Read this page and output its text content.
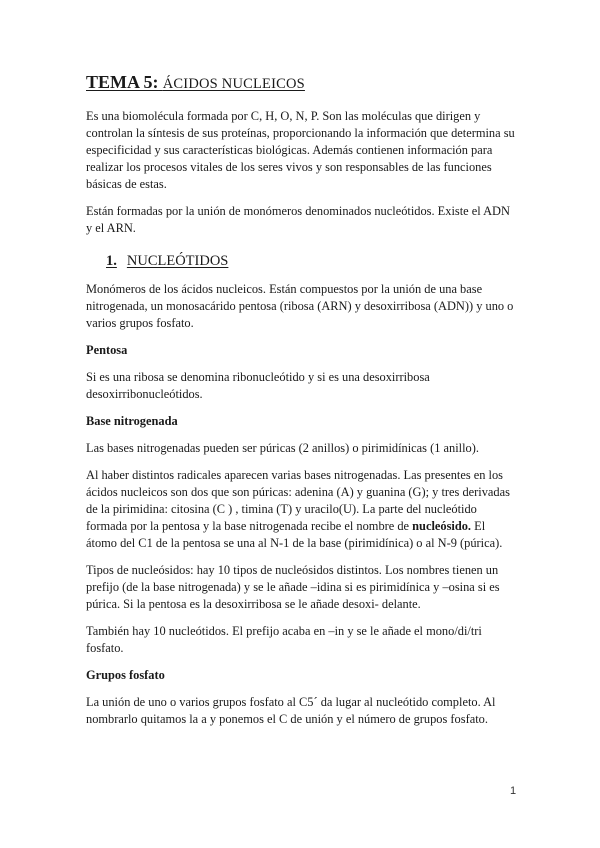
TEMA 5: ÁCIDOS NUCLEICOS

Es una biomolécula formada por C, H, O, N, P. Son las moléculas que dirigen y controlan la síntesis de sus proteínas, proporcionando la información que determina su especificidad y sus características biológicas. Además contienen información para realizar los procesos vitales de los seres vivos y son responsables de las funciones básicas de estas.

Están formadas por la unión de monómeros denominados nucleótidos. Existe el ADN y el ARN.

1. NUCLEÓTIDOS

Monómeros de los ácidos nucleicos. Están compuestos por la unión de una base nitrogenada, un monosacárido pentosa (ribosa (ARN) y desoxirribosa (ADN)) y uno o varios grupos fosfato.

Pentosa

Si es una ribosa se denomina ribonucleótido y si es una desoxirribosa desoxirribonucleótidos.

Base nitrogenada

Las bases nitrogenadas pueden ser púricas (2 anillos) o pirimidínicas (1 anillo).

Al haber distintos radicales aparecen varias bases nitrogenadas. Las presentes en los ácidos nucleicos son dos que son púricas: adenina (A) y guanina (G); y tres derivadas de la pirimidina: citosina (C ) , timina (T) y uracilo(U). La parte del nucleótido formada por la pentosa y la base nitrogenada recibe el nombre de nucleósido. El átomo del C1 de la pentosa se una al N-1 de la base (pirimidínica) o al N-9 (púrica).

Tipos de nucleósidos: hay 10 tipos de nucleósidos distintos. Los nombres tienen un prefijo (de la base nitrogenada) y se le añade –idina si es pirimidínica y –osina si es púrica. Si la pentosa es la desoxirribosa se le añade desoxi- delante.

También hay 10 nucleótidos. El prefijo acaba en –in y se le añade el mono/di/tri fosfato.

Grupos fosfato

La unión de uno o varios grupos fosfato al C5´ da lugar al nucleótido completo. Al nombrarlo quitamos la a y ponemos el C de unión y el número de grupos fosfato.

1
